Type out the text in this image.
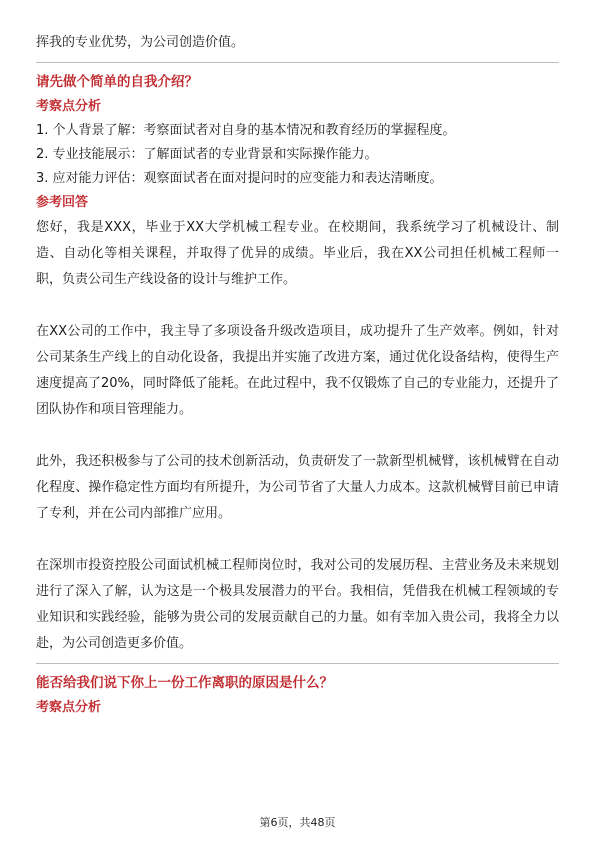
挥我的专业优势，为公司创造价值。

请先做个简单的自我介绍？

考察点分析

1. 个人背景了解：考察面试者对自身的基本情况和教育经历的掌握程度。

2. 专业技能展示：了解面试者的专业背景和实际操作能力。

3. 应对能力评估：观察面试者在面对提问时的应变能力和表达清晰度。

参考回答

您好，我是XXX，毕业于XX大学机械工程专业。在校期间，我系统学习了机械设计、制造、自动化等相关课程，并取得了优异的成绩。毕业后，我在XX公司担任机械工程师一职，负责公司生产线设备的设计与维护工作。

在XX公司的工作中，我主导了多项设备升级改造项目，成功提升了生产效率。例如，针对公司某条生产线上的自动化设备，我提出并实施了改进方案，通过优化设备结构，使得生产速度提高了20%，同时降低了能耗。在此过程中，我不仅锻炼了自己的专业能力，还提升了团队协作和项目管理能力。

此外，我还积极参与了公司的技术创新活动，负责研发了一款新型机械臂，该机械臂在自动化程度、操作稳定性方面均有所提升，为公司节省了大量人力成本。这款机械臂目前已申请了专利，并在公司内部推广应用。

在深圳市投资控股公司面试机械工程师岗位时，我对公司的发展历程、主营业务及未来规划进行了深入了解，认为这是一个极具发展潜力的平台。我相信，凭借我在机械工程领域的专业知识和实践经验，能够为贵公司的发展贡献自己的力量。如有幸加入贵公司，我将全力以赴，为公司创造更多价值。

能否给我们说下你上一份工作离职的原因是什么？

考察点分析

第6页，共48页
